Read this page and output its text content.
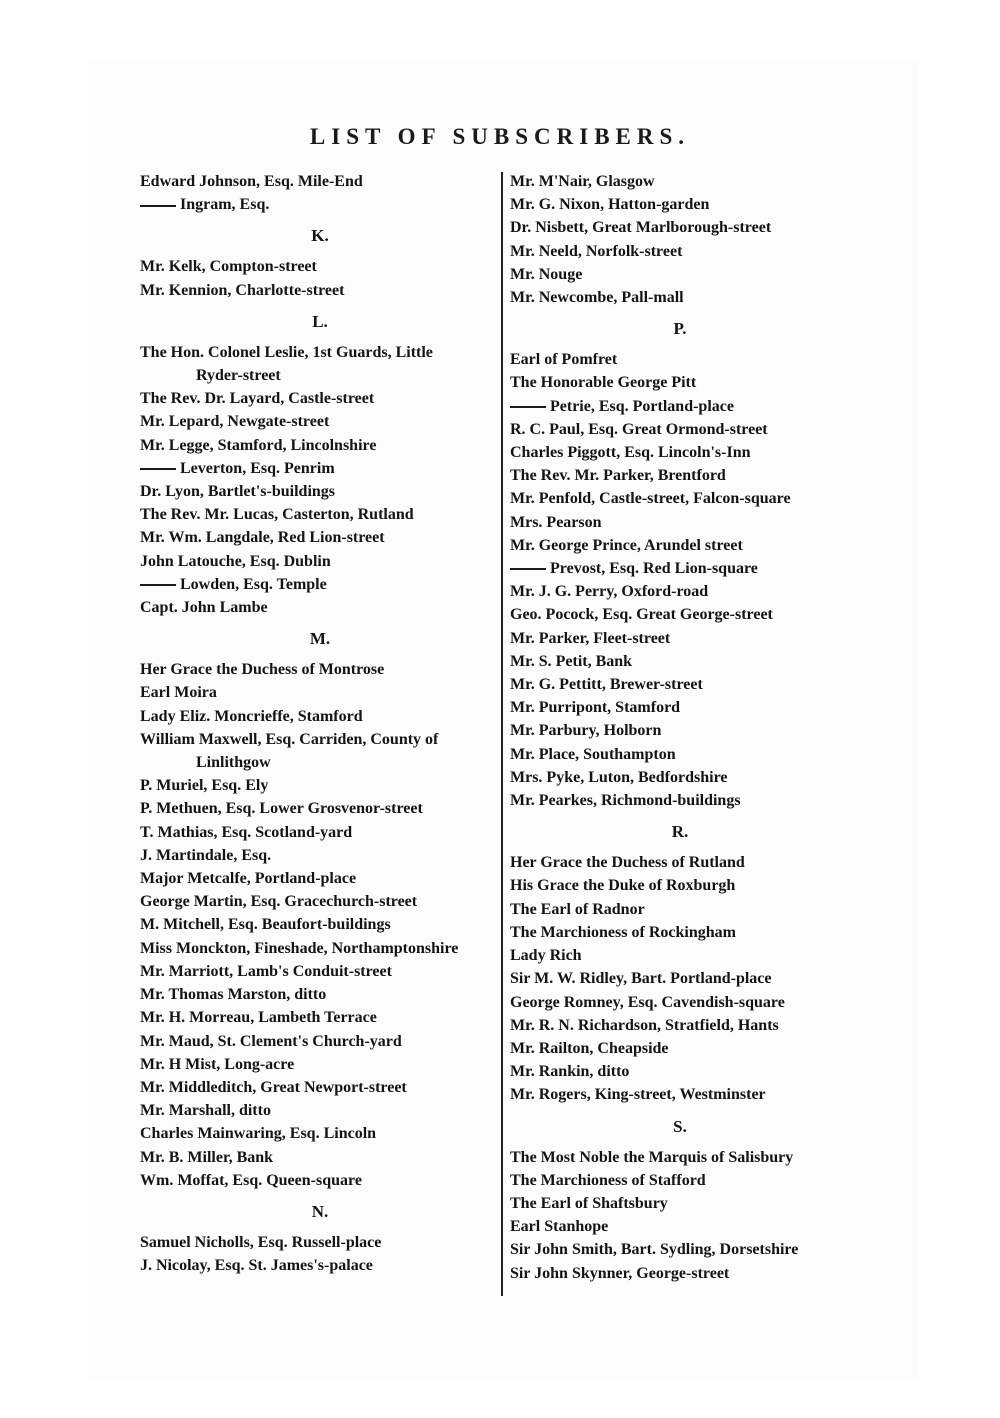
LIST OF SUBSCRIBERS.
Edward Johnson, Esq. Mile-End
Ingram, Esq.
K.
Mr. Kelk, Compton-street
Mr. Kennion, Charlotte-street
L.
The Hon. Colonel Leslie, 1st Guards, Little
Ryder-street
The Rev. Dr. Layard, Castle-street
Mr. Lepard, Newgate-street
Mr. Legge, Stamford, Lincolnshire
Leverton, Esq. Penrim
Dr. Lyon, Bartlet's-buildings
The Rev. Mr. Lucas, Casterton, Rutland
Mr. Wm. Langdale, Red Lion-street
John Latouche, Esq. Dublin
Lowden, Esq. Temple
Capt. John Lambe
M.
Her Grace the Duchess of Montrose
Earl Moira
Lady Eliz. Moncrieffe, Stamford
William Maxwell, Esq. Carriden, County of
Linlithgow
P. Muriel, Esq. Ely
P. Methuen, Esq. Lower Grosvenor-street
T. Mathias, Esq. Scotland-yard
J. Martindale, Esq.
Major Metcalfe, Portland-place
George Martin, Esq. Gracechurch-street
M. Mitchell, Esq. Beaufort-buildings
Miss Monckton, Fineshade, Northamptonshire
Mr. Marriott, Lamb's Conduit-street
Mr. Thomas Marston, ditto
Mr. H. Morreau, Lambeth Terrace
Mr. Maud, St. Clement's Church-yard
Mr. H Mist, Long-acre
Mr. Middleditch, Great Newport-street
Mr. Marshall, ditto
Charles Mainwaring, Esq. Lincoln
Mr. B. Miller, Bank
Wm. Moffat, Esq. Queen-square
N.
Samuel Nicholls, Esq. Russell-place
J. Nicolay, Esq. St. James's-palace
Mr. M'Nair, Glasgow
Mr. G. Nixon, Hatton-garden
Dr. Nisbett, Great Marlborough-street
Mr. Neeld, Norfolk-street
Mr. Nouge
Mr. Newcombe, Pall-mall
P.
Earl of Pomfret
The Honorable George Pitt
Petrie, Esq. Portland-place
R. C. Paul, Esq. Great Ormond-street
Charles Piggott, Esq. Lincoln's-Inn
The Rev. Mr. Parker, Brentford
Mr. Penfold, Castle-street, Falcon-square
Mrs. Pearson
Mr. George Prince, Arundel street
Prevost, Esq. Red Lion-square
Mr. J. G. Perry, Oxford-road
Geo. Pocock, Esq. Great George-street
Mr. Parker, Fleet-street
Mr. S. Petit, Bank
Mr. G. Pettitt, Brewer-street
Mr. Purripont, Stamford
Mr. Parbury, Holborn
Mr. Place, Southampton
Mrs. Pyke, Luton, Bedfordshire
Mr. Pearkes, Richmond-buildings
R.
Her Grace the Duchess of Rutland
His Grace the Duke of Roxburgh
The Earl of Radnor
The Marchioness of Rockingham
Lady Rich
Sir M. W. Ridley, Bart. Portland-place
George Romney, Esq. Cavendish-square
Mr. R. N. Richardson, Stratfield, Hants
Mr. Railton, Cheapside
Mr. Rankin, ditto
Mr. Rogers, King-street, Westminster
S.
The Most Noble the Marquis of Salisbury
The Marchioness of Stafford
The Earl of Shaftsbury
Earl Stanhope
Sir John Smith, Bart. Sydling, Dorsetshire
Sir John Skynner, George-street
